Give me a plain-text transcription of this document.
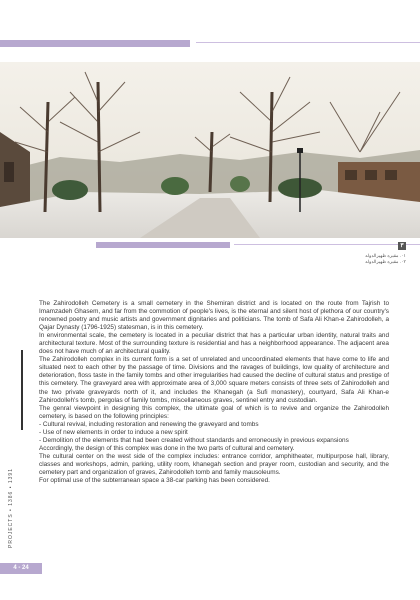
۳
۰۱. مقبره ظهیرالدوله
۰۲. مقبره ظهیرالدوله

The Zahirodolleh Cemetery is a small cemetery in the Shemiran district and is located on the route from Tajrish to Imamzadeh Ghasem, and far from the commotion of people's lives, is the eternal and silent host of plethora of our country's renowned poetry and music artists and government dignitaries and politicians. The tomb of Safa Ali Khan-e Zahirodolleh, a Qajar Dynasty (1796-1925) statesman, is in this cemetery.

In environmental scale, the cemetery is located in a peculiar district that has a particular urban identity, natural traits and architectural texture. Most of the surrounding texture is residential and has a neighborhood appearance. The adjacent area does not have much of an architectural quality.

The Zahirodolleh complex in its current form is a set of unrelated and uncoordinated elements that have come to life and situated next to each other by the passage of time. Divisions and the ravages of buildings, low quality of architecture and deterioration, floss taste in the family tombs and other irregularities had caused the decline of cultural status and prestige of this cemetery. The graveyard area with approximate area of 3,000 square meters consists of three sets of Zahirodolleh and the two private graveyards north of it, and includes the Khanegah (a Sufi monastery), courtyard, Safa Ali Khan-e Zahirodolleh's tomb, pergolas of family tombs, miscellaneous graves, sentinel entry and custodian.

The genral viewpoint in designing this complex, the ultimate goal of which is to revive and organize the Zahirodolleh cemetery, is based on the following principles:

- Cultural revival, including restoration and renewing the graveyard and tombs

- Use of new elements in order to induce a new spirit

- Demolition of the elements that had been created without standards and erroneously in previous expansions

Accordingly, the design of this complex was done in the two parts of cultural and cemetery.

The cultural center on the west side of the complex includes: entrance corridor, amphitheater, multipurpose hall, library, classes and workshops, admin, parking, utility room, khanegah section and prayer room, custodian and security, and the cemetery part and organization of graves, Zahirodolleh tomb and family mausoleums.

For optimal use of the subterranean space a 38-car parking has been considered.

PROJECTS • 1386 • 1391
4 - 24
